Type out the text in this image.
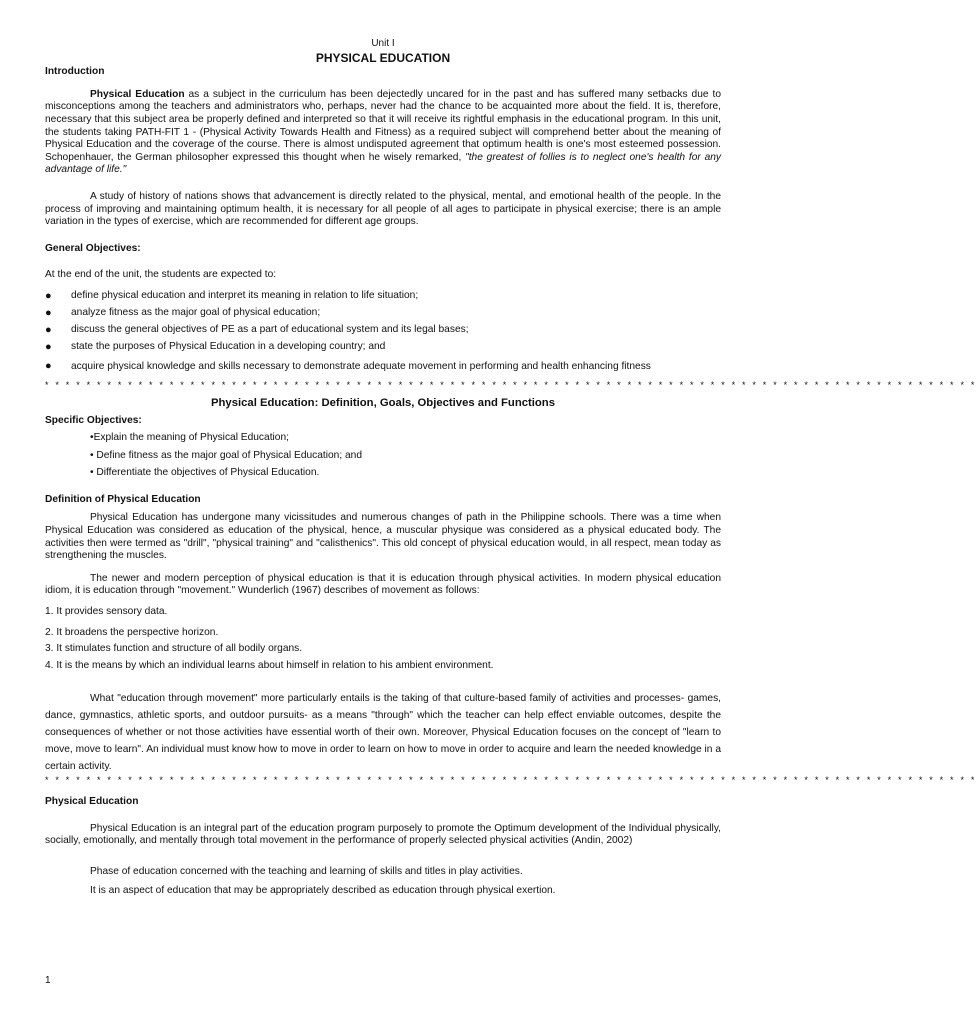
Unit I
PHYSICAL EDUCATION
Introduction

Physical Education as a subject in the curriculum has been dejectedly uncared for in the past and has suffered many setbacks due to misconceptions among the teachers and administrators who, perhaps, never had the chance to be acquainted more about the field. It is, therefore, necessary that this subject area be properly defined and interpreted so that it will receive its rightful emphasis in the educational program. In this unit, the students taking PATH-FIT 1 - (Physical Activity Towards Health and Fitness) as a required subject will comprehend better about the meaning of Physical Education and the coverage of the course. There is almost undisputed agreement that optimum health is one's most esteemed possession. Schopenhauer, the German philosopher expressed this thought when he wisely remarked, "the greatest of follies is to neglect one's health for any advantage of life."

A study of history of nations shows that advancement is directly related to the physical, mental, and emotional health of the people. In the process of improving and maintaining optimum health, it is necessary for all people of all ages to participate in physical exercise; there is an ample variation in the types of exercise, which are recommended for different age groups.

General Objectives:

At the end of the unit, the students are expected to:

● define physical education and interpret its meaning in relation to life situation;
● analyze fitness as the major goal of physical education;
● discuss the general objectives of PE as a part of educational system and its legal bases;
● state the purposes of Physical Education in a developing country; and
● acquire physical knowledge and skills necessary to demonstrate adequate movement in performing and health enhancing fitness
* * * * * * * * * * * * * * * * * * * * * * * * * * * * * * * * * * * * * * * * * * * * * * * * * * * * * * * * * * * * * * * * * * * * * * * * * * * * * * * * * * * * * * * * * *
Physical Education: Definition, Goals, Objectives and Functions
Specific Objectives:
•Explain the meaning of Physical Education;
• Define fitness as the major goal of Physical Education; and
• Differentiate the objectives of Physical Education.
Definition of Physical Education

Physical Education has undergone many vicissitudes and numerous changes of path in the Philippine schools. There was a time when Physical Education was considered as education of the physical, hence, a muscular physique was considered as a physical educated body. The activities then were termed as "drill", "physical training" and "calisthenics". This old concept of physical education would, in all respect, mean today as strengthening the muscles.

The newer and modern perception of physical education is that it is education through physical activities. In modern physical education idiom, it is education through "movement." Wunderlich (1967) describes of movement as follows:

1. It provides sensory data.
2. It broadens the perspective horizon.
3. It stimulates function and structure of all bodily organs.
4. It is the means by which an individual learns about himself in relation to his ambient environment.

What "education through movement" more particularly entails is the taking of that culture-based family of activities and processes- games, dance, gymnastics, athletic sports, and outdoor pursuits- as a means "through" which the teacher can help effect enviable outcomes, despite the consequences of whether or not those activities have essential worth of their own. Moreover, Physical Education focuses on the concept of "learn to move, move to learn". An individual must know how to move in order to learn on how to move in order to acquire and learn the needed knowledge in a certain activity.

* * * * * * * * * * * * * * * * * * * * * * * * * * * * * * * * * * * * * * * * * * * * * * * * * * * * * * * * * * * * * * * * * * * * * * * * * * * * * * * * * * * * * * * * * *
Physical Education

Physical Education is an integral part of the education program purposely to promote the Optimum development of the Individual physically, socially, emotionally, and mentally through total movement in the performance of properly selected physical activities (Andin, 2002)

Phase of education concerned with the teaching and learning of skills and titles in play activities.

It is an aspect of education that may be appropriately described as education through physical exertion.

1
